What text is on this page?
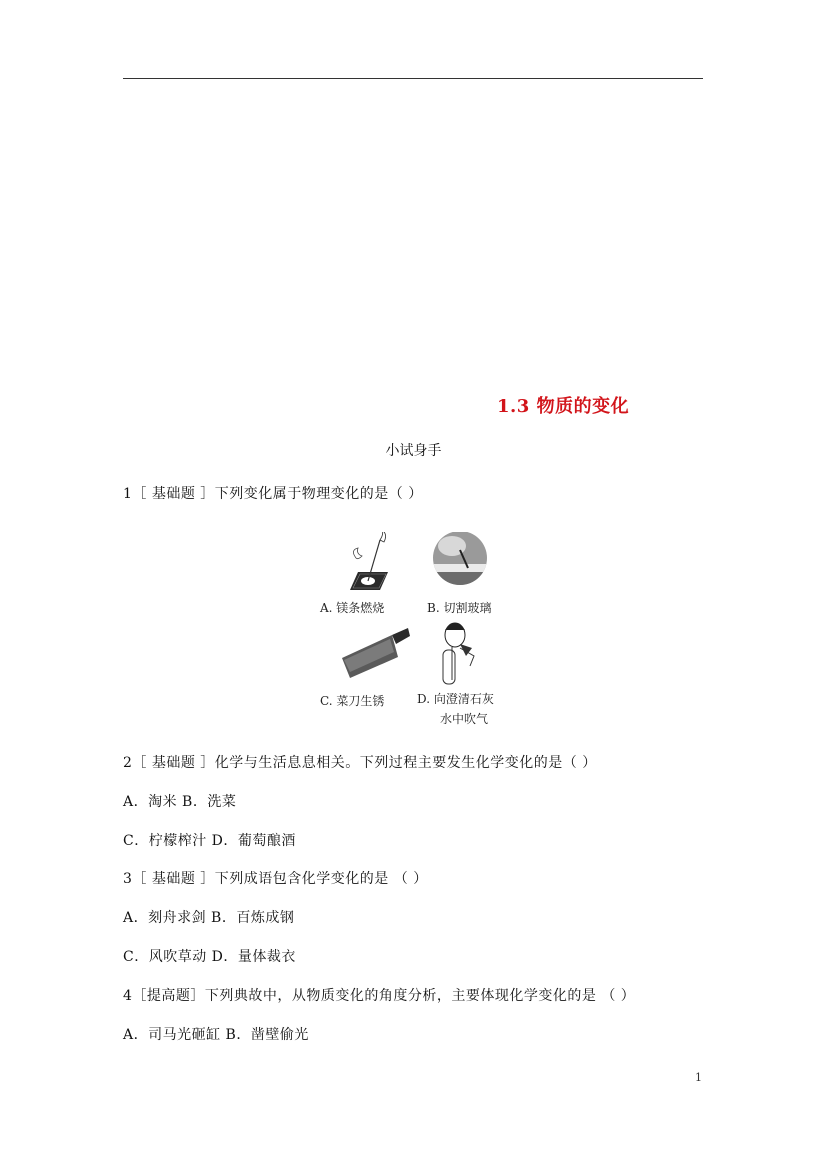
1.3 物质的变化
小试身手
1［ 基础题 ］下列变化属于物理变化的是（ ）
A. 镁条燃烧	B. 切割玻璃
C. 菜刀生锈	D. 向澄清石灰
水中吹气
2［ 基础题 ］化学与生活息息相关。下列过程主要发生化学变化的是（ ）
A．淘米 B．洗菜
C．柠檬榨汁 D．葡萄酿酒
3［ 基础题 ］下列成语包含化学变化的是 （ ）
A．刻舟求剑 B．百炼成钢
C．风吹草动 D．量体裁衣
4［提高题］下列典故中，从物质变化的角度分析，主要体现化学变化的是 （ ）
A．司马光砸缸 B．凿壁偷光
1
